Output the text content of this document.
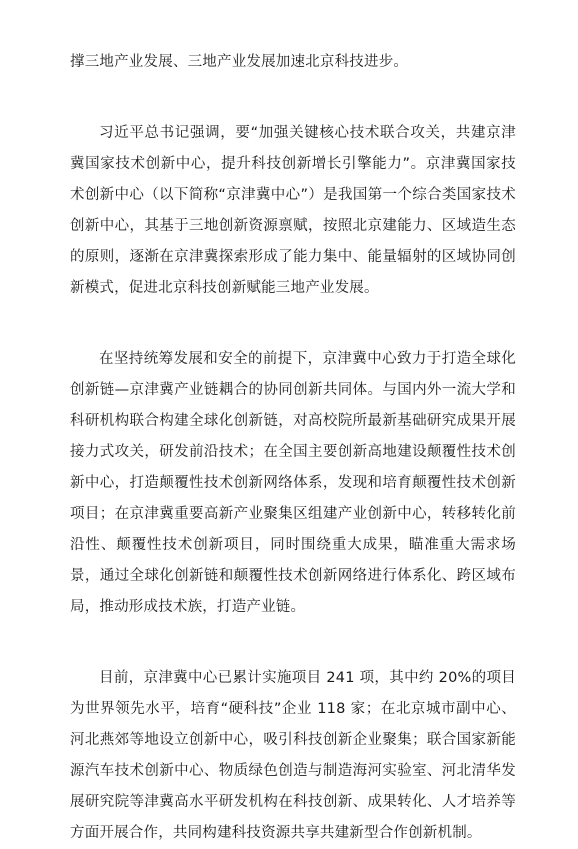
撑三地产业发展、三地产业发展加速北京科技进步。

习近平总书记强调，要“加强关键核心技术联合攻关，共建京津冀国家技术创新中心，提升科技创新增长引擎能力”。京津冀国家技术创新中心（以下简称“京津冀中心”）是我国第一个综合类国家技术创新中心，其基于三地创新资源禀赋，按照北京建能力、区域造生态的原则，逐渐在京津冀探索形成了能力集中、能量辐射的区域协同创新模式，促进北京科技创新赋能三地产业发展。

在坚持统筹发展和安全的前提下，京津冀中心致力于打造全球化创新链—京津冀产业链耦合的协同创新共同体。与国内外一流大学和科研机构联合构建全球化创新链，对高校院所最新基础研究成果开展接力式攻关，研发前沿技术；在全国主要创新高地建设颠覆性技术创新中心，打造颠覆性技术创新网络体系，发现和培育颠覆性技术创新项目；在京津冀重要高新产业聚集区组建产业创新中心，转移转化前沿性、颠覆性技术创新项目，同时围绕重大成果，瞄准重大需求场景，通过全球化创新链和颠覆性技术创新网络进行体系化、跨区域布局，推动形成技术族，打造产业链。

目前，京津冀中心已累计实施项目 241 项，其中约 20%的项目为世界领先水平，培育“硬科技”企业 118 家；在北京城市副中心、河北燕郊等地设立创新中心，吸引科技创新企业聚集；联合国家新能源汽车技术创新中心、物质绿色创造与制造海河实验室、河北清华发展研究院等津冀高水平研发机构在科技创新、成果转化、人才培养等方面开展合作，共同构建科技资源共享共建新型合作创新机制。
